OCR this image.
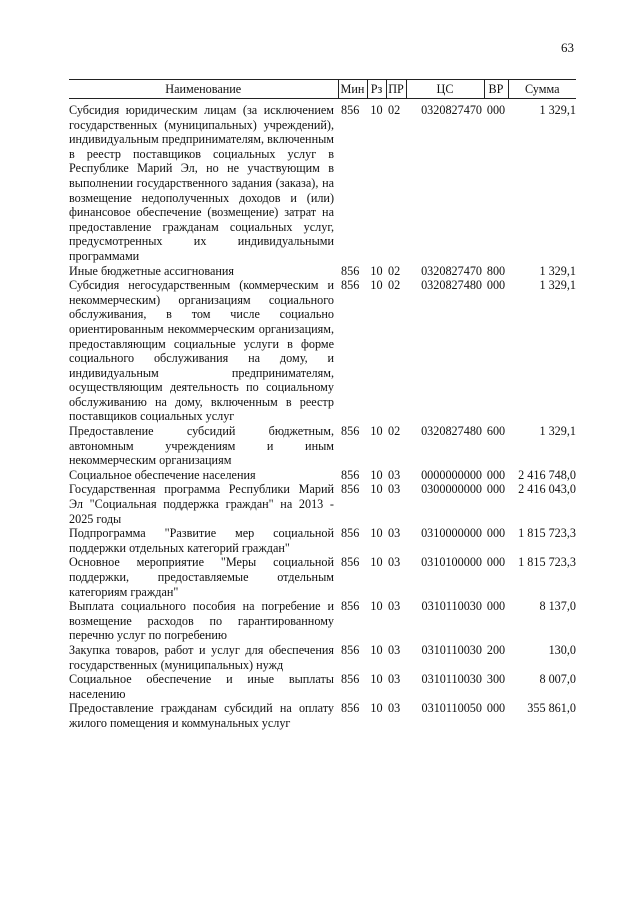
63
Наименование	Мин	Рз	ПР	ЦС	ВР	Сумма
Субсидия юридическим лицам (за исключением государственных (муниципальных) учреждений), индивидуальным предпринимателям, включенным в реестр поставщиков социальных услуг в Республике Марий Эл, но не участвующим в выполнении государственного задания (заказа), на возмещение недополученных доходов и (или) финансовое обеспечение (возмещение) затрат на предоставление гражданам социальных услуг, предусмотренных их индивидуальными программами	856	10	02	0320827470	000	1 329,1
Иные бюджетные ассигнования	856	10	02	0320827470	800	1 329,1
Субсидия негосударственным (коммерческим и некоммерческим) организациям социального обслуживания, в том числе социально ориентированным некоммерческим организациям, предоставляющим социальные услуги в форме социального обслуживания на дому, и индивидуальным предпринимателям, осуществляющим деятельность по социальному обслуживанию на дому, включенным в реестр поставщиков социальных услуг	856	10	02	0320827480	000	1 329,1
Предоставление субсидий бюджетным, автономным учреждениям и иным некоммерческим организациям	856	10	02	0320827480	600	1 329,1
Социальное обеспечение населения	856	10	03	0000000000	000	2 416 748,0
Государственная программа Республики Марий Эл "Социальная поддержка граждан" на 2013 - 2025 годы	856	10	03	0300000000	000	2 416 043,0
Подпрограмма "Развитие мер социальной поддержки отдельных категорий граждан"	856	10	03	0310000000	000	1 815 723,3
Основное мероприятие "Меры социальной поддержки, предоставляемые отдельным категориям граждан"	856	10	03	0310100000	000	1 815 723,3
Выплата социального пособия на погребение и возмещение расходов по гарантированному перечню услуг по погребению	856	10	03	0310110030	000	8 137,0
Закупка товаров, работ и услуг для обеспечения государственных (муниципальных) нужд	856	10	03	0310110030	200	130,0
Социальное обеспечение и иные выплаты населению	856	10	03	0310110030	300	8 007,0
Предоставление гражданам субсидий на оплату жилого помещения и коммунальных услуг	856	10	03	0310110050	000	355 861,0
